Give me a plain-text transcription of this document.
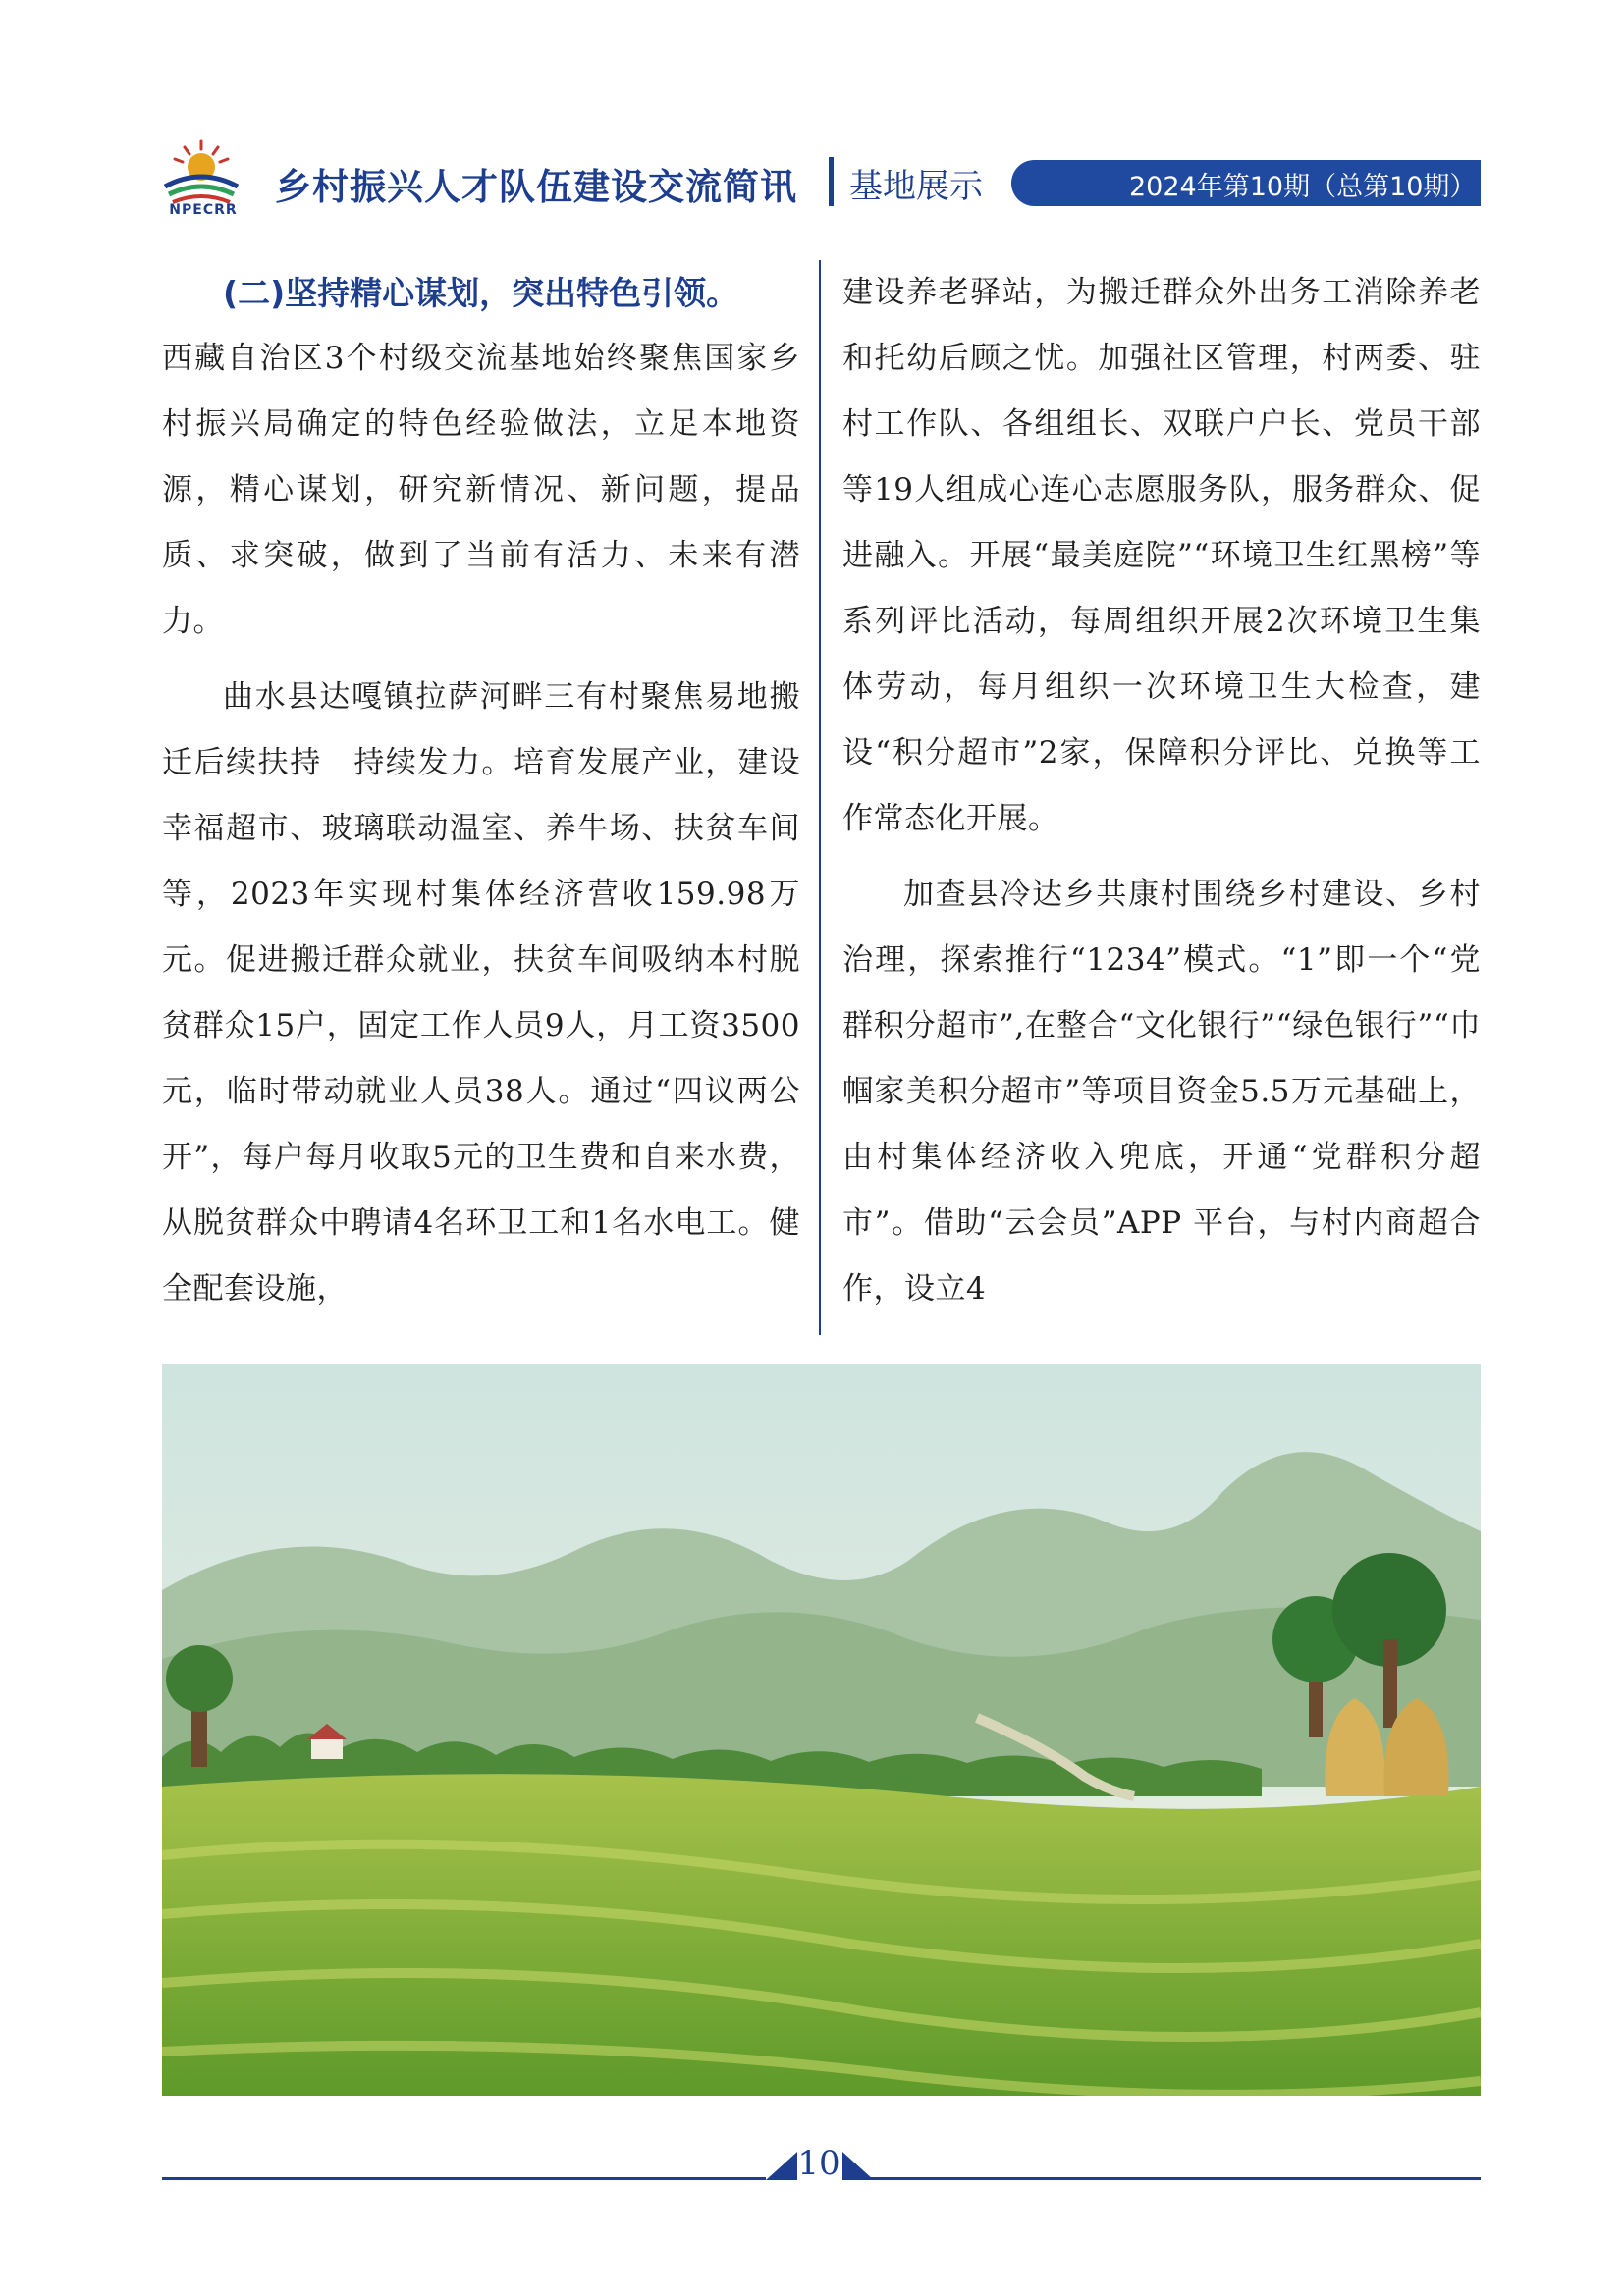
NPECRR
乡村振兴人才队伍建设交流简讯 基地展示	2024年第10期（总第10期）

(二)坚持精心谋划，突出特色引领。

西藏自治区3个村级交流基地始终聚焦国家乡村振兴局确定的特色经验做法，立足本地资源，精心谋划，研究新情况、新问题，提品质、求突破，做到了当前有活力、未来有潜力。

曲水县达嘎镇拉萨河畔三有村聚焦易地搬迁后续扶持　持续发力。培育发展产业，建设幸福超市、玻璃联动温室、养牛场、扶贫车间等，2023年实现村集体经济营收159.98万元。促进搬迁群众就业，扶贫车间吸纳本村脱贫群众15户，固定工作人员9人，月工资3500元，临时带动就业人员38人。通过“四议两公开”，每户每月收取5元的卫生费和自来水费，从脱贫群众中聘请4名环卫工和1名水电工。健全配套设施，

建设养老驿站，为搬迁群众外出务工消除养老和托幼后顾之忧。加强社区管理，村两委、驻村工作队、各组组长、双联户户长、党员干部等19人组成心连心志愿服务队，服务群众、促进融入。开展“最美庭院”“环境卫生红黑榜”等系列评比活动，每周组织开展2次环境卫生集　体劳动，每月组织一次环境卫生大检查，建设“积分超市”2家，保障积分评比、兑换等工作常态化开展。

加查县冷达乡共康村围绕乡村建设、乡村治理，探索推行“1234”模式。“1”即一个“党群积分超市”,在整合“文化银行”“绿色银行”“巾帼家美积分超市”等项目资金5.5万元基础上，由村集体经济收入兜底，开通“党群积分超市”。借助“云会员”APP 平台，与村内商超合作，设立4

10
